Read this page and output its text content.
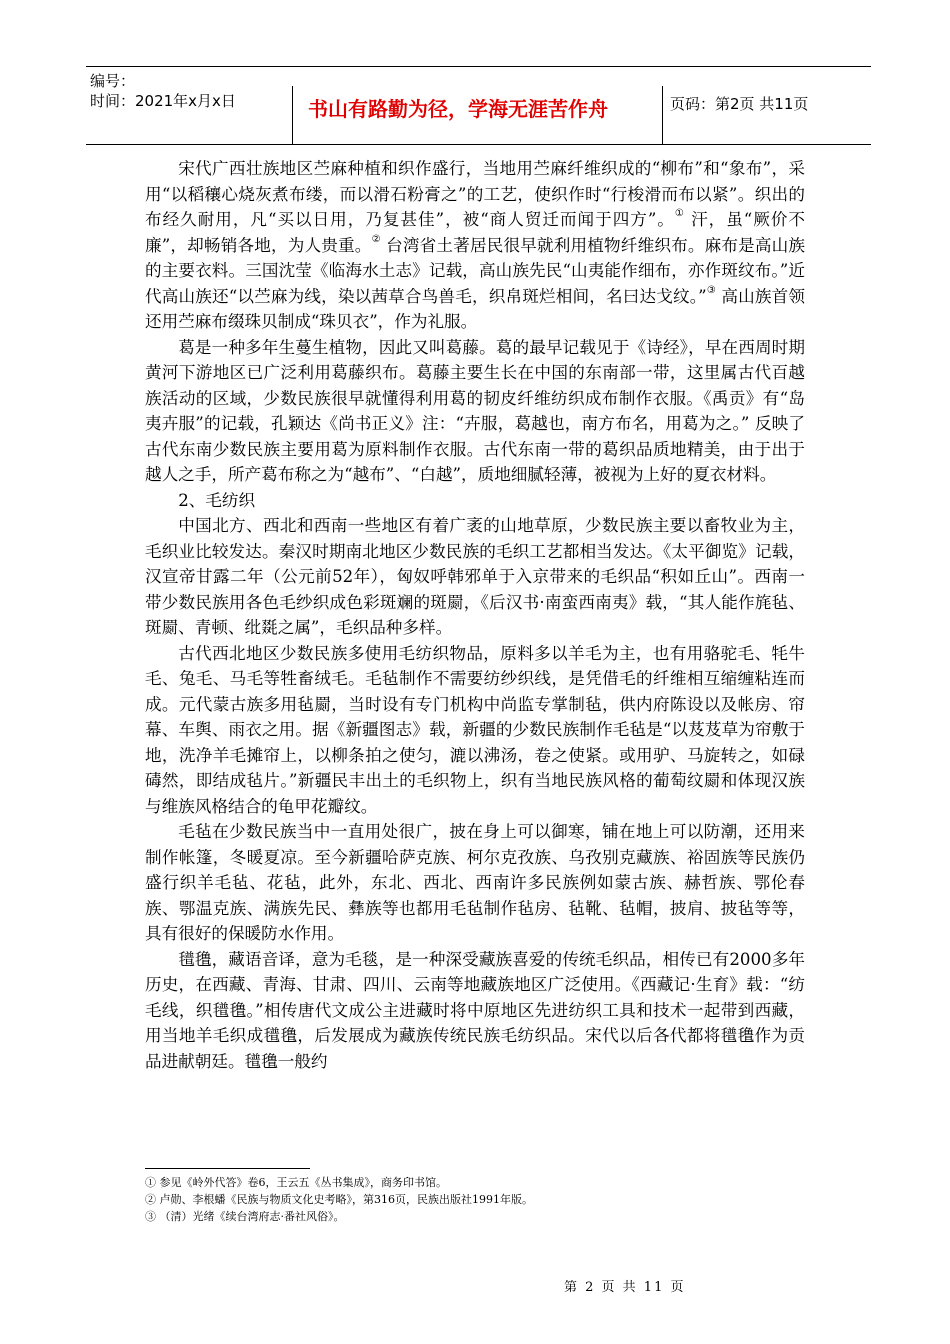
编号：
时间：2021年x月x日	书山有路勤为径，学海无涯苦作舟	页码：第2页 共11页

宋代广西壮族地区苎麻种植和织作盛行，当地用苎麻纤维织成的“柳布”和“象布”，采用“以稻穰心烧灰煮布缕，而以滑石粉膏之”的工艺，使织作时“行梭滑而布以紧”。织出的布经久耐用，凡“买以日用，乃复甚佳”，被“商人贸迁而闻于四方”。① 汗，虽“厥价不廉”，却畅销各地，为人贵重。② 台湾省土著居民很早就利用植物纤维织布。麻布是高山族的主要衣料。三国沈莹《临海水土志》记载，高山族先民“山夷能作细布，亦作斑纹布。”近代高山族还“以苎麻为线，染以茜草合鸟兽毛，织帛斑烂相间，名曰达戈纹。”③ 高山族首领还用苎麻布缀珠贝制成“珠贝衣”，作为礼服。

葛是一种多年生蔓生植物，因此又叫葛藤。葛的最早记载见于《诗经》，早在西周时期黄河下游地区已广泛利用葛藤织布。葛藤主要生长在中国的东南部一带，这里属古代百越族活动的区域，少数民族很早就懂得利用葛的韧皮纤维纺织成布制作衣服。《禹贡》有“岛夷卉服”的记载，孔颖达《尚书正义》注：“卉服，葛越也，南方布名，用葛为之。” 反映了古代东南少数民族主要用葛为原料制作衣服。古代东南一带的葛织品质地精美，由于出于越人之手，所产葛布称之为“越布”、“白越”，质地细腻轻薄，被视为上好的夏衣材料。

2、毛纺织

中国北方、西北和西南一些地区有着广袤的山地草原，少数民族主要以畜牧业为主，毛织业比较发达。秦汉时期南北地区少数民族的毛织工艺都相当发达。《太平御览》记载，汉宣帝甘露二年（公元前52年），匈奴呼韩邪单于入京带来的毛织品“积如丘山”。西南一带少数民族用各色毛纱织成色彩斑斓的斑罽，《后汉书·南蛮西南夷》载，“其人能作旄毡、斑罽、青顿、纰毲之属”，毛织品种多样。

古代西北地区少数民族多使用毛纺织物品，原料多以羊毛为主，也有用骆驼毛、牦牛毛、兔毛、马毛等牲畜绒毛。毛毡制作不需要纺纱织线，是凭借毛的纤维相互缩缠粘连而成。元代蒙古族多用毡罽，当时设有专门机构中尚监专掌制毡，供内府陈设以及帐房、帘幕、车舆、雨衣之用。据《新疆图志》载，新疆的少数民族制作毛毡是“以芨芨草为帘敷于地，洗净羊毛摊帘上，以柳条拍之使匀，漉以沸汤，卷之使紧。或用驴、马旋转之，如碌碡然，即结成毡片。”新疆民丰出土的毛织物上，织有当地民族风格的葡萄纹罽和体现汉族与维族风格结合的龟甲花瓣纹。

毛毡在少数民族当中一直用处很广，披在身上可以御寒，铺在地上可以防潮，还用来制作帐篷，冬暖夏凉。至今新疆哈萨克族、柯尔克孜族、乌孜别克藏族、裕固族等民族仍盛行织羊毛毡、花毡，此外，东北、西北、西南许多民族例如蒙古族、赫哲族、鄂伦春族、鄂温克族、满族先民、彝族等也都用毛毡制作毡房、毡靴、毡帽，披肩、披毡等等，具有很好的保暖防水作用。

氆氇，藏语音译，意为毛毯，是一种深受藏族喜爱的传统毛织品，相传已有2000多年历史，在西藏、青海、甘肃、四川、云南等地藏族地区广泛使用。《西藏记·生育》载：“纺毛线，织氆氇。”相传唐代文成公主进藏时将中原地区先进纺织工具和技术一起带到西藏，用当地羊毛织成氆氇，后发展成为藏族传统民族毛纺织品。宋代以后各代都将氆氇作为贡品进献朝廷。氆氇一般约

① 参见《岭外代答》卷6，王云五《丛书集成》，商务印书馆。
② 卢勋、李根蟠《民族与物质文化史考略》，第316页，民族出版社1991年版。
③ （清）光绪《续台湾府志·番社风俗》。
第 2 页 共 11 页
